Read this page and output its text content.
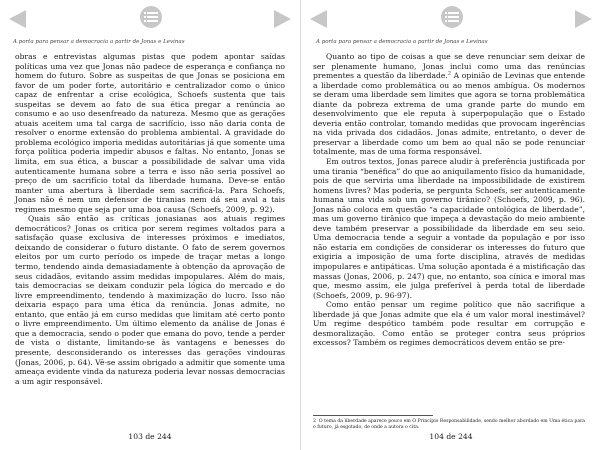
A porta para pensar a democracia a partir de Jonas e Levinas

obras e entrevistas algumas pistas que podem apontar saídas políticas uma vez que Jonas não padece de esperança e confiança no homem do futuro. Sobre as suspeitas de que Jonas se posiciona em favor de um poder forte, autoritário e centralizador como o único capaz de enfrentar a crise ecológica, Schoefs sustenta que tais suspeitas se devem ao fato de sua ética pregar a renúncia ao consumo e ao uso desenfreado da natureza. Mesmo que as gerações atuais aceitem uma tal carga de sacrifício, isso não daria conta de resolver o enorme extensão do problema ambiental. A gravidade do problema ecológico imporia medidas autoritárias já que somente uma força política poderia impedir abusos e faltas. No entanto, Jonas se limita, em sua ética, a buscar a possibilidade de salvar uma vida autenticamente humana sobre a terra e isso não seria possível ao preço de um sacrifício total da liberdade humana. Deve-se então manter uma abertura à liberdade sem sacrificá-la. Para Schoefs, Jonas não é nem um defensor de tiranias nem dá seu aval a tais regimes mesmo que seja por uma boa causa (Schoefs, 2009, p. 92).

Quais são então as críticas jonasianas aos atuais regimes democráticos? Jonas os critica por serem regimes voltados para a satisfação quase exclusiva de interesses próximos e imediatos, deixando de considerar o futuro distante. O fato de serem governos eleitos por um curto período os impede de traçar metas a longo termo, tendendo ainda demasiadamente à obtenção da aprovação de seus cidadãos, evitando assim medidas impopulares. Além do mais, tais democracias se deixam conduzir pela lógica do mercado e do livre empreendimento, tendendo à maximização do lucro. Isso não deixaria espaço para uma ética da renúncia. Jonas admite, no entanto, que então já em curso medidas que limitam até certo ponto o livre empreendimento. Um último elemento da análise de Jonas é que a democracia, sendo o poder que emana do povo, tende a perder de vista o distante, limitando-se às vantagens e benesses do presente, desconsiderando os interesses das gerações vindouras (Jonas, 2006, p. 64). Vê-se assim obrigado a admitir que somente uma ameaça evidente vinda da natureza poderia levar nossas democracias a um agir responsável.

103 de 244
A porta para pensar a democracia a partir de Jonas e Levinas

Quanto ao tipo de coisas a que se deve renunciar sem deixar de ser plenamente humano, Jonas inclui como uma das renúncias prementes a questão da liberdade.$^2$ A opinião de Levinas que entende a liberdade como problemática ou ao menos ambígua. Os modernos se deram uma liberdade sem limites que agora se torna problemática diante da pobreza extrema de uma grande parte do mundo em desenvolvimento que ele reputa à superpopulação que o Estado deveria então controlar, tomando medidas que provocam ingerências na vida privada dos cidadãos. Jonas admite, entretanto, o dever de preservar a liberdade como um bem ao qual não se pode renunciar totalmente, mas de uma forma responsável.

Em outros textos, Jonas parece aludir à preferência justificada por uma tirania “benéfica” do que ao aniquilamento físico da humanidade, pois de que serviria uma liberdade na impossibilidade de existirem homens livres? Mas poderia, se pergunta Schoefs, ser autenticamente humana uma vida sob um governo tirânico? (Schoefs, 2009, p. 96). Jonas não coloca em questão “a capacidade ontológica de liberdade”, mas um governo tirânico que impeça a devastação do meio ambiente deve também preservar a possibilidade da liberdade em seu seio. Uma democracia tende a seguir a vontade da população e por isso não estaria em condições de considerar os interesses do futuro que exigiria a imposição de uma forte disciplina, através de medidas impopulares e antipáticas. Uma solução apontada é a mistificação das massas (Jonas, 2006, p. 247) que, no entanto, soa cínica e imoral mas que, mesmo assim, ele julga preferível à perda total de liberdade (Schoefs, 2009, p. 96-97).

Como então pensar um regime político que não sacrifique a liberdade já que Jonas admite que ela é um valor moral inestimável? Um regime despótico também pode resultar em corrupção e desmoralização. Como então se proteger contra seus próprios excessos? Também os regimes democráticos devem então se pre-

2 O tema da liberdade aparece pouco em O Princípio Responsabilidade, sendo melhor abordado em Uma ética para o futuro, já esgotado, de onde a autora o cita.
104 de 244
